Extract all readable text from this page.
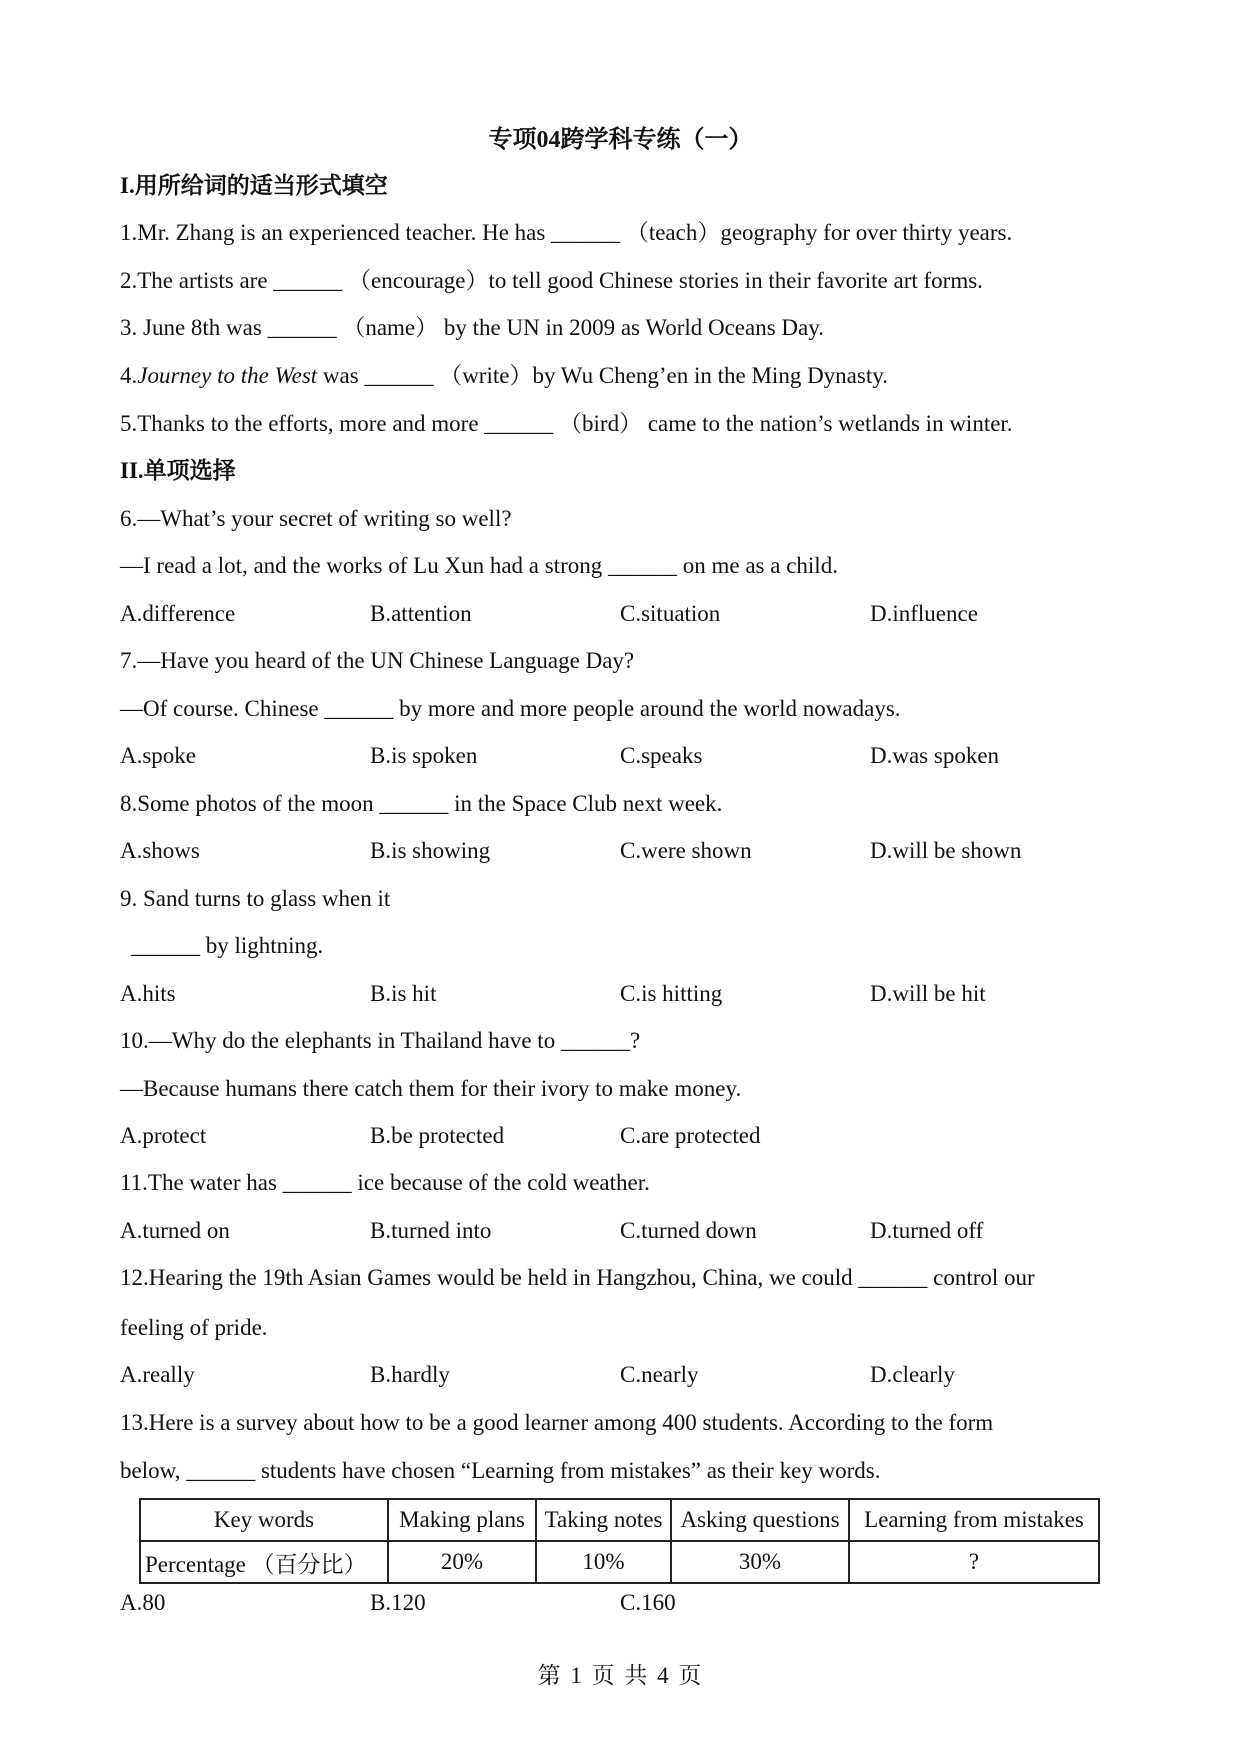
专项04跨学科专练（一）
I.用所给词的适当形式填空
1.Mr. Zhang is an experienced teacher. He has ______ （teach）geography for over thirty years.
2.The artists are ______ （encourage）to tell good Chinese stories in their favorite art forms.
3. June 8th was ______ （name） by the UN in 2009 as World Oceans Day.
4.Journey to the West was ______ （write）by Wu Cheng’en in the Ming Dynasty.
5.Thanks to the efforts, more and more ______ （bird） came to the nation’s wetlands in winter.
II.单项选择
6.—What’s your secret of writing so well?
—I read a lot, and the works of Lu Xun had a strong ______ on me as a child.
A.difference	B.attention	C.situation	D.influence
7.—Have you heard of the UN Chinese Language Day?
—Of course. Chinese ______ by more and more people around the world nowadays.
A.spoke	B.is spoken	C.speaks	D.was spoken
8.Some photos of the moon ______ in the Space Club next week.
A.shows	B.is showing	C.were shown	D.will be shown
9. Sand turns to glass when it
______ by lightning.
A.hits	B.is hit	C.is hitting	D.will be hit
10.—Why do the elephants in Thailand have to ______?
—Because humans there catch them for their ivory to make money.
A.protect	B.be protected	C.are protected
11.The water has ______ ice because of the cold weather.
A.turned on	B.turned into	C.turned down	D.turned off
12.Hearing the 19th Asian Games would be held in Hangzhou, China, we could ______ control our
feeling of pride.
A.really	B.hardly	C.nearly	D.clearly
13.Here is a survey about how to be a good learner among 400 students. According to the form
below, ______ students have chosen “Learning from mistakes” as their key words.
Key words	Making plans	Taking notes	Asking questions	Learning from mistakes
Percentage （百分比）	20%	10%	30%	?
A.80	B.120	C.160
第 1 页 共 4 页
